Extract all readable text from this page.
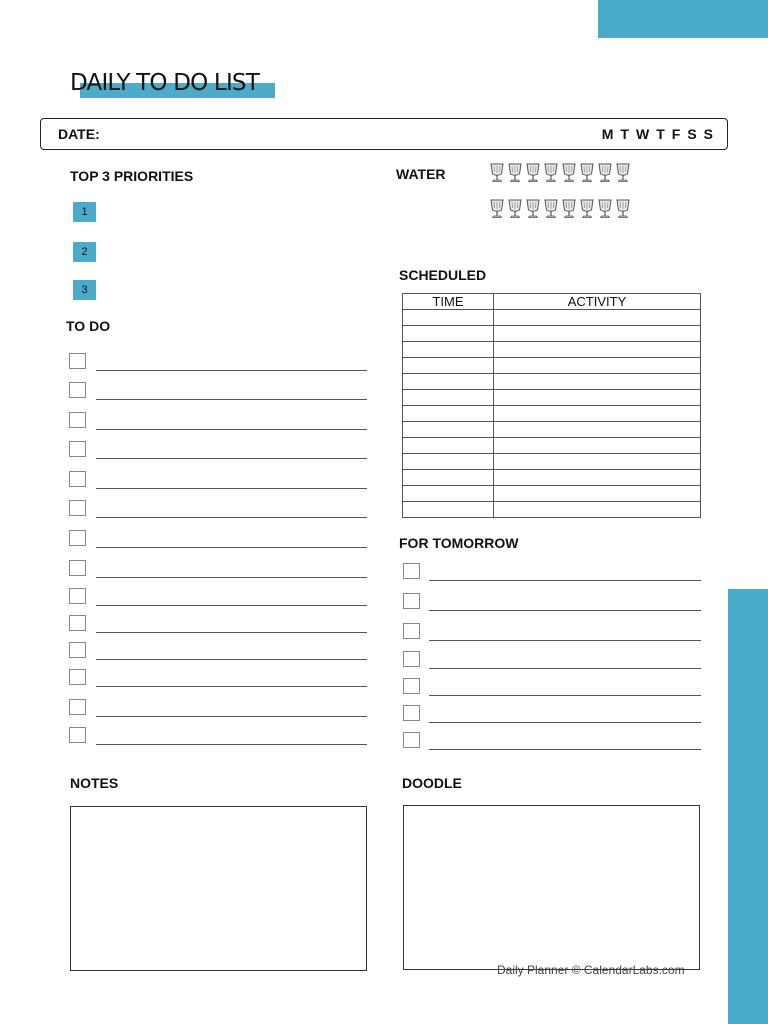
DAILY TO DO LIST
DATE:	M T W T F S S
TOP 3 PRIORITIES
1
2
3
TO DO
WATER
SCHEDULED
TIME	ACTIVITY

FOR TOMORROW
NOTES	DOODLE
Daily Planner © CalendarLabs.com
